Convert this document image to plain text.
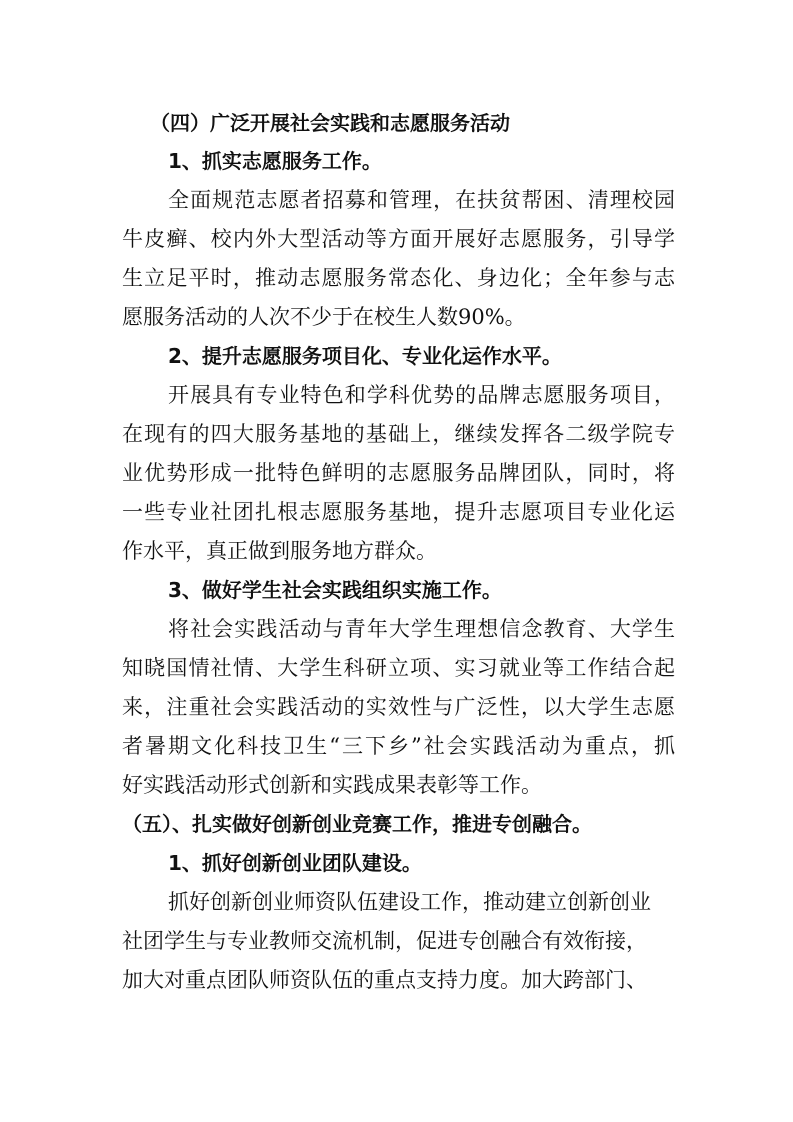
（四）广泛开展社会实践和志愿服务活动
1、抓实志愿服务工作。
全面规范志愿者招募和管理，在扶贫帮困、清理校园
牛皮癣、校内外大型活动等方面开展好志愿服务，引导学
生立足平时，推动志愿服务常态化、身边化；全年参与志
愿服务活动的人次不少于在校生人数90%。
2、提升志愿服务项目化、专业化运作水平。
开展具有专业特色和学科优势的品牌志愿服务项目，
在现有的四大服务基地的基础上，继续发挥各二级学院专
业优势形成一批特色鲜明的志愿服务品牌团队，同时，将
一些专业社团扎根志愿服务基地，提升志愿项目专业化运
作水平，真正做到服务地方群众。
3、做好学生社会实践组织实施工作。
将社会实践活动与青年大学生理想信念教育、大学生
知晓国情社情、大学生科研立项、实习就业等工作结合起
来，注重社会实践活动的实效性与广泛性，以大学生志愿
者暑期文化科技卫生“三下乡”社会实践活动为重点，抓
好实践活动形式创新和实践成果表彰等工作。
（五）、扎实做好创新创业竞赛工作，推进专创融合。
1、抓好创新创业团队建设。
抓好创新创业师资队伍建设工作，推动建立创新创业
社团学生与专业教师交流机制，促进专创融合有效衔接，
加大对重点团队师资队伍的重点支持力度。加大跨部门、
